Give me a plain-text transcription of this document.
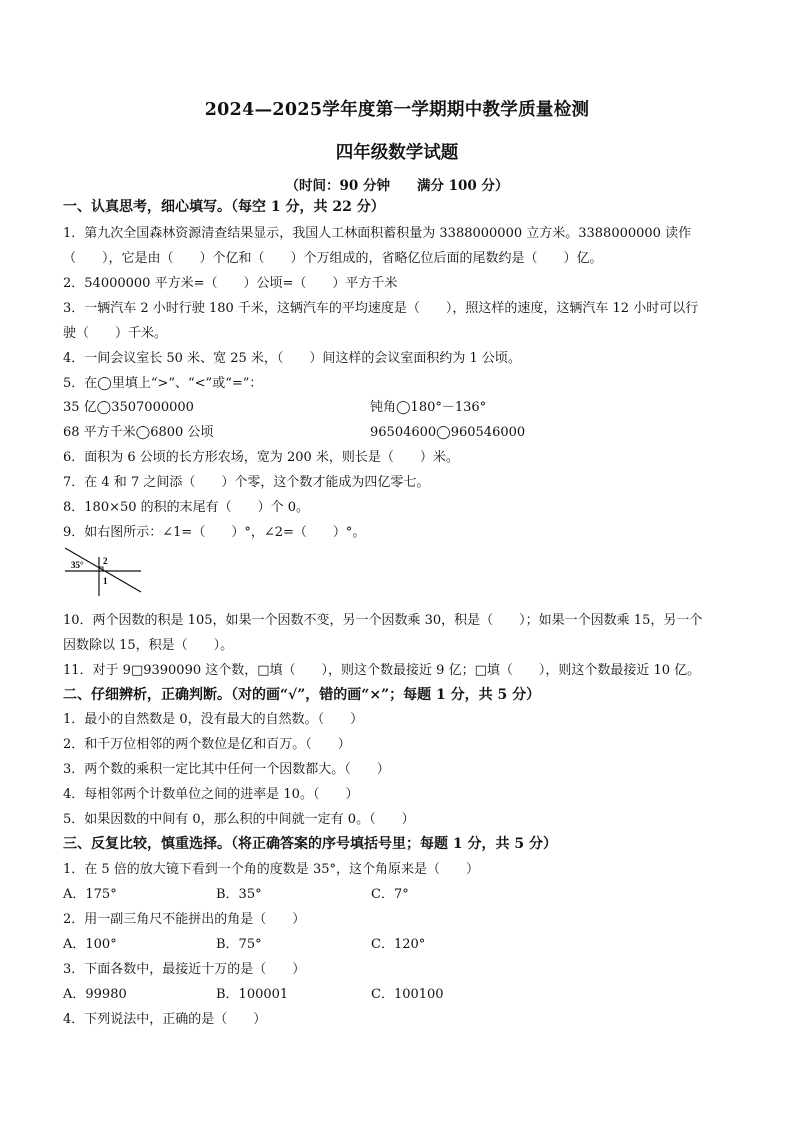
2024—2025学年度第一学期期中教学质量检测
四年级数学试题
（时间：90 分钟　　满分 100 分）
一、认真思考，细心填写。（每空 1 分，共 22 分）
1．第九次全国森林资源清查结果显示，我国人工林面积蓄积量为 3388000000 立方米。3388000000 读作
（　　），它是由（　　）个亿和（　　）个万组成的，省略亿位后面的尾数约是（　　）亿。
2．54000000 平方米=（　　）公顷=（　　）平方千米
3．一辆汽车 2 小时行驶 180 千米，这辆汽车的平均速度是（　　），照这样的速度，这辆汽车 12 小时可以行
驶（　　）千米。
4．一间会议室长 50 米、宽 25 米，（　　）间这样的会议室面积约为 1 公顷。
5．在◯里填上“>”、“<”或“=”：
35 亿◯3507000000	钝角◯180°－136°
68 平方千米◯6800 公顷	96504600◯960546000
6．面积为 6 公顷的长方形农场，宽为 200 米，则长是（　　）米。
7．在 4 和 7 之间添（　　）个零，这个数才能成为四亿零七。
8．180×50 的积的末尾有（　　）个 0。
9．如右图所示：∠1=（　　）°，∠2=（　　）°。
35° 2
1
10．两个因数的积是 105，如果一个因数不变，另一个因数乘 30，积是（　　）；如果一个因数乘 15，另一个
因数除以 15，积是（　　）。
11．对于 9□9390090 这个数，□填（　　），则这个数最接近 9 亿；□填（　　），则这个数最接近 10 亿。
二、仔细辨析，正确判断。（对的画“√”，错的画“×”；每题 1 分，共 5 分）
1．最小的自然数是 0，没有最大的自然数。（　　）
2．和千万位相邻的两个数位是亿和百万。（　　）
3．两个数的乘积一定比其中任何一个因数都大。（　　）
4．每相邻两个计数单位之间的进率是 10。（　　）
5．如果因数的中间有 0，那么积的中间就一定有 0。（　　）
三、反复比较，慎重选择。（将正确答案的序号填括号里；每题 1 分，共 5 分）
1．在 5 倍的放大镜下看到一个角的度数是 35°，这个角原来是（　　）
A．175°	B．35°	C．7°
2．用一副三角尺不能拼出的角是（　　）
A．100°	B．75°	C．120°
3．下面各数中，最接近十万的是（　　）
A．99980	B．100001	C．100100
4．下列说法中，正确的是（　　）
